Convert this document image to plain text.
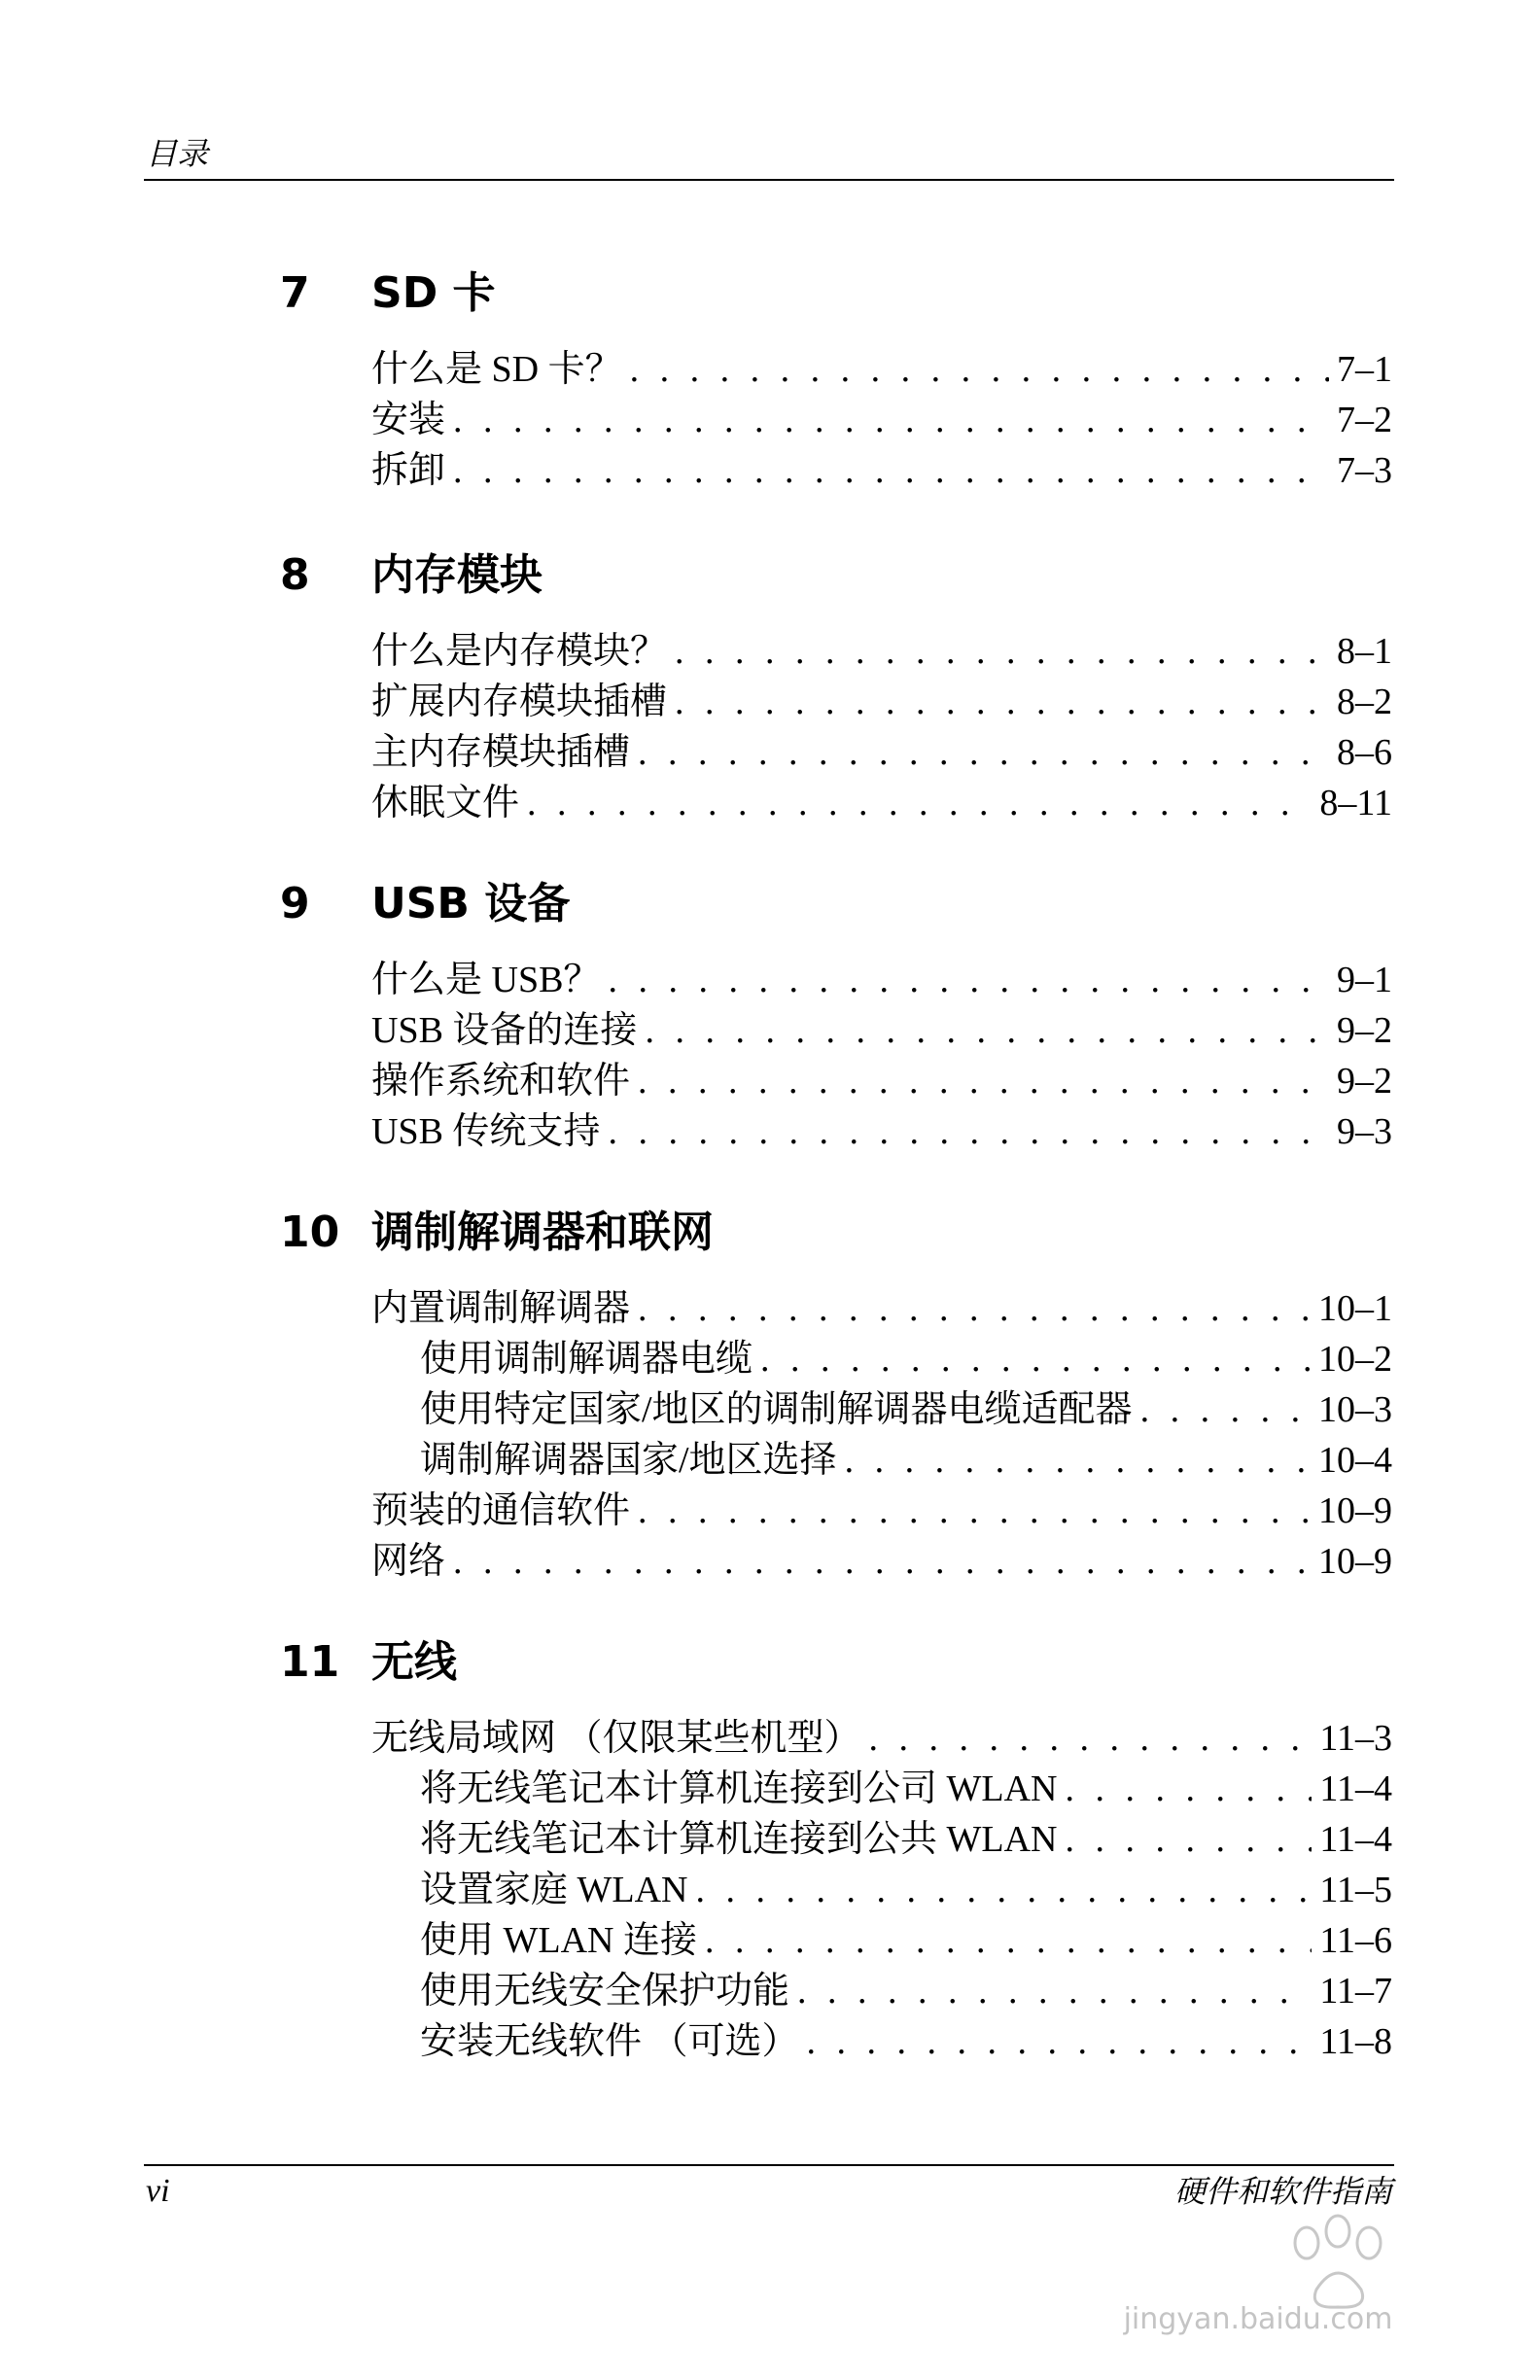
目录
7 SD 卡
什么是 SD 卡？ . . .	7–1
安装 . . .	7–2
拆卸 . . .	7–3
8 内存模块
什么是内存模块？ . . .	8–1
扩展内存模块插槽 . . .	8–2
主内存模块插槽 . . .	8–6
休眠文件 . . .	8–11
9 USB 设备
什么是 USB？ . . .	9–1
USB 设备的连接 . . .	9–2
操作系统和软件 . . .	9–2
USB 传统支持 . . .	9–3
10 调制解调器和联网
内置调制解调器 . . .	10–1
使用调制解调器电缆 . . .	10–2
使用特定国家/地区的调制解调器电缆适配器 . . .	10–3
调制解调器国家/地区选择 . . .	10–4
预装的通信软件 . . .	10–9
网络 . . .	10–9
11 无线
无线局域网 （仅限某些机型） . . .	11–3
将无线笔记本计算机连接到公司 WLAN . . .	11–4
将无线笔记本计算机连接到公共 WLAN . . .	11–4
设置家庭 WLAN . . .	11–5
使用 WLAN 连接 . . .	11–6
使用无线安全保护功能 . . .	11–7
安装无线软件 （可选） . . .	11–8
vi	硬件和软件指南
jingyan.baidu.com
